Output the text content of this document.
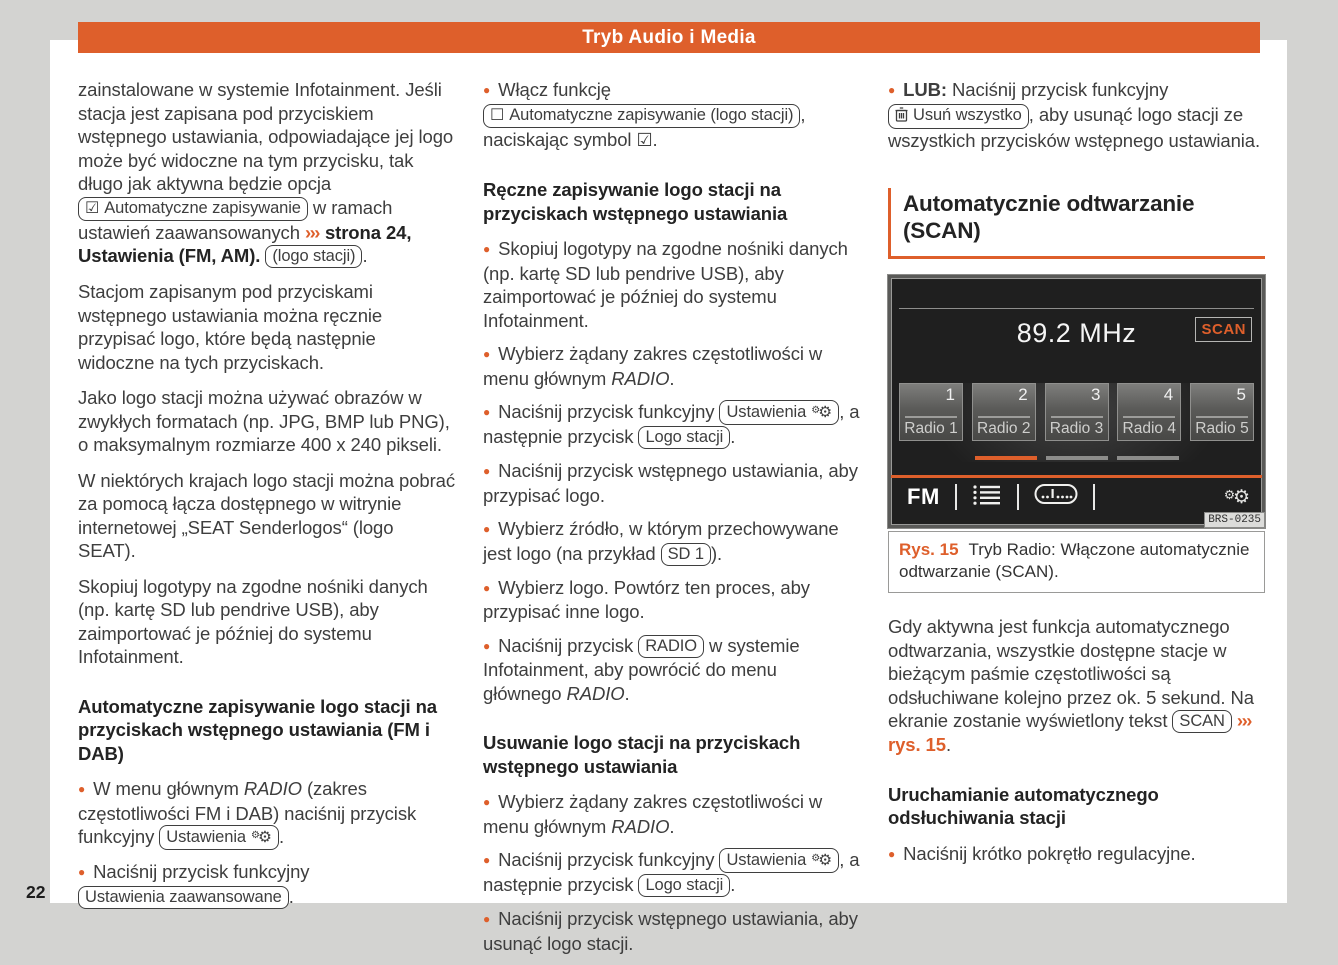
Tryb Audio i Media

zainstalowane w systemie Infotainment. Jeśli stacja jest zapisana pod przyciskiem wstępnego ustawiania, odpowiadające jej logo może być widoczne na tym przycisku, tak długo jak aktywna będzie opcja ☑ Automatyczne zapisywanie w ramach ustawień zaawansowanych ››› strona 24, Ustawienia (FM, AM). (logo stacji) .

Stacjom zapisanym pod przyciskami wstępnego ustawiania można ręcznie przypisać logo, które będą następnie widoczne na tych przyciskach.

Jako logo stacji można używać obrazów w zwykłych formatach (np. JPG, BMP lub PNG), o maksymalnym rozmiarze 400 x 240 pikseli.

W niektórych krajach logo stacji można pobrać za pomocą łącza dostępnego w witrynie internetowej „SEAT Senderlogos“ (logo SEAT).

Skopiuj logotypy na zgodne nośniki danych (np. kartę SD lub pendrive USB), aby zaimportować je później do systemu Infotainment.

Automatyczne zapisywanie logo stacji na przyciskach wstępnego ustawiania (FM i DAB)

● W menu głównym RADIO (zakres częstotliwości FM i DAB) naciśnij przycisk funkcyjny Ustawienia ⚙⚙ .

● Naciśnij przycisk funkcyjny Ustawienia zaawansowane .

● Włącz funkcję ☐ Automatyczne zapisywanie (logo stacji) , naciskając symbol ☑.

Ręczne zapisywanie logo stacji na przyciskach wstępnego ustawiania

● Skopiuj logotypy na zgodne nośniki danych (np. kartę SD lub pendrive USB), aby zaimportować je później do systemu Infotainment.

● Wybierz żądany zakres częstotliwości w menu głównym RADIO.

● Naciśnij przycisk funkcyjny Ustawienia ⚙⚙ , a następnie przycisk Logo stacji .

● Naciśnij przycisk wstępnego ustawiania, aby przypisać logo.

● Wybierz źródło, w którym przechowywane jest logo (na przykład SD 1 ).

● Wybierz logo. Powtórz ten proces, aby przypisać inne logo.

● Naciśnij przycisk RADIO w systemie Infotainment, aby powrócić do menu głównego RADIO.

Usuwanie logo stacji na przyciskach wstępnego ustawiania

● Wybierz żądany zakres częstotliwości w menu głównym RADIO.

● Naciśnij przycisk funkcyjny Ustawienia ⚙⚙ , a następnie przycisk Logo stacji .

● Naciśnij przycisk wstępnego ustawiania, aby usunąć logo stacji.

● LUB: Naciśnij przycisk funkcyjny Usuń wszystko , aby usunąć logo stacji ze wszystkich przycisków wstępnego ustawiania.

Automatycznie odtwarzanie (SCAN)
89.2 MHz	SCAN
1
Radio 1
2
Radio 2
3
Radio 3
4
Radio 4
5
Radio 5
FM	⚙⚙
BRS-0235
Rys. 15 Tryb Radio: Włączone automatycznie odtwarzanie (SCAN).

Gdy aktywna jest funkcja automatycznego odtwarzania, wszystkie dostępne stacje w bieżącym paśmie częstotliwości są odsłuchiwane kolejno przez ok. 5 sekund. Na ekranie zostanie wyświetlony tekst SCAN ››› rys. 15.

Uruchamianie automatycznego odsłuchiwania stacji

● Naciśnij krótko pokrętło regulacyjne.

22
